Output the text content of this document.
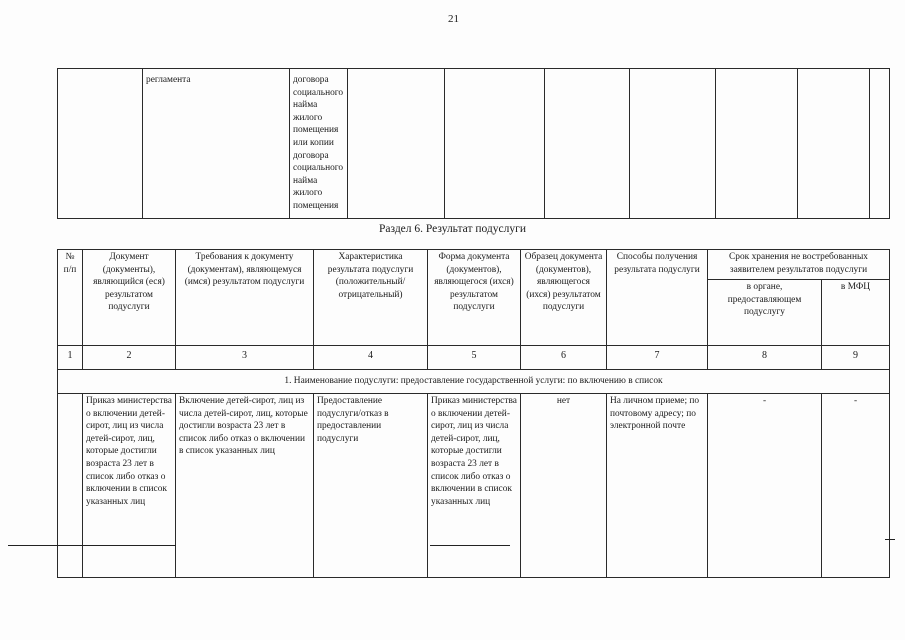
21
	регламента	договора социального найма жилого помещения или копии договора социального найма жилого помещения							
Раздел 6. Результат подуслуги
№ п/п	Документ (документы), являющийся (еся) результатом подуслуги	Требования к документу (документам), являющемуся (имся) результатом подуслуги	Характеристика результата подуслуги (положительный/ отрицательный)	Форма документа (документов), являющегося (ихся) результатом подуслуги	Образец документа (документов), являющегося (ихся) результатом подуслуги	Способы получения результата подуслуги	Срок хранения не востребованных заявителем результатов подуслуги	
							в органе, предоставляющем подуслугу	в МФЦ
1	2	3	4	5	6	7	8	9
1. Наименование подуслуги: предоставление государственной услуги: по включению в список								
	Приказ министерства о включении детей-сирот, лиц из числа детей-сирот, лиц, которые достигли возраста 23 лет в список либо отказ о включении в список указанных лиц	Включение детей-сирот, лиц из числа детей-сирот, лиц, которые достигли возраста 23 лет в список либо отказ о включении в список указанных лиц	Предоставление подуслуги/отказ в предоставлении подуслуги	Приказ министерства о включении детей-сирот, лиц из числа детей-сирот, лиц, которые достигли возраста 23 лет в список либо отказ о включении в список указанных лиц	нет	На личном приеме; по почтовому адресу; по электронной почте	-	-
